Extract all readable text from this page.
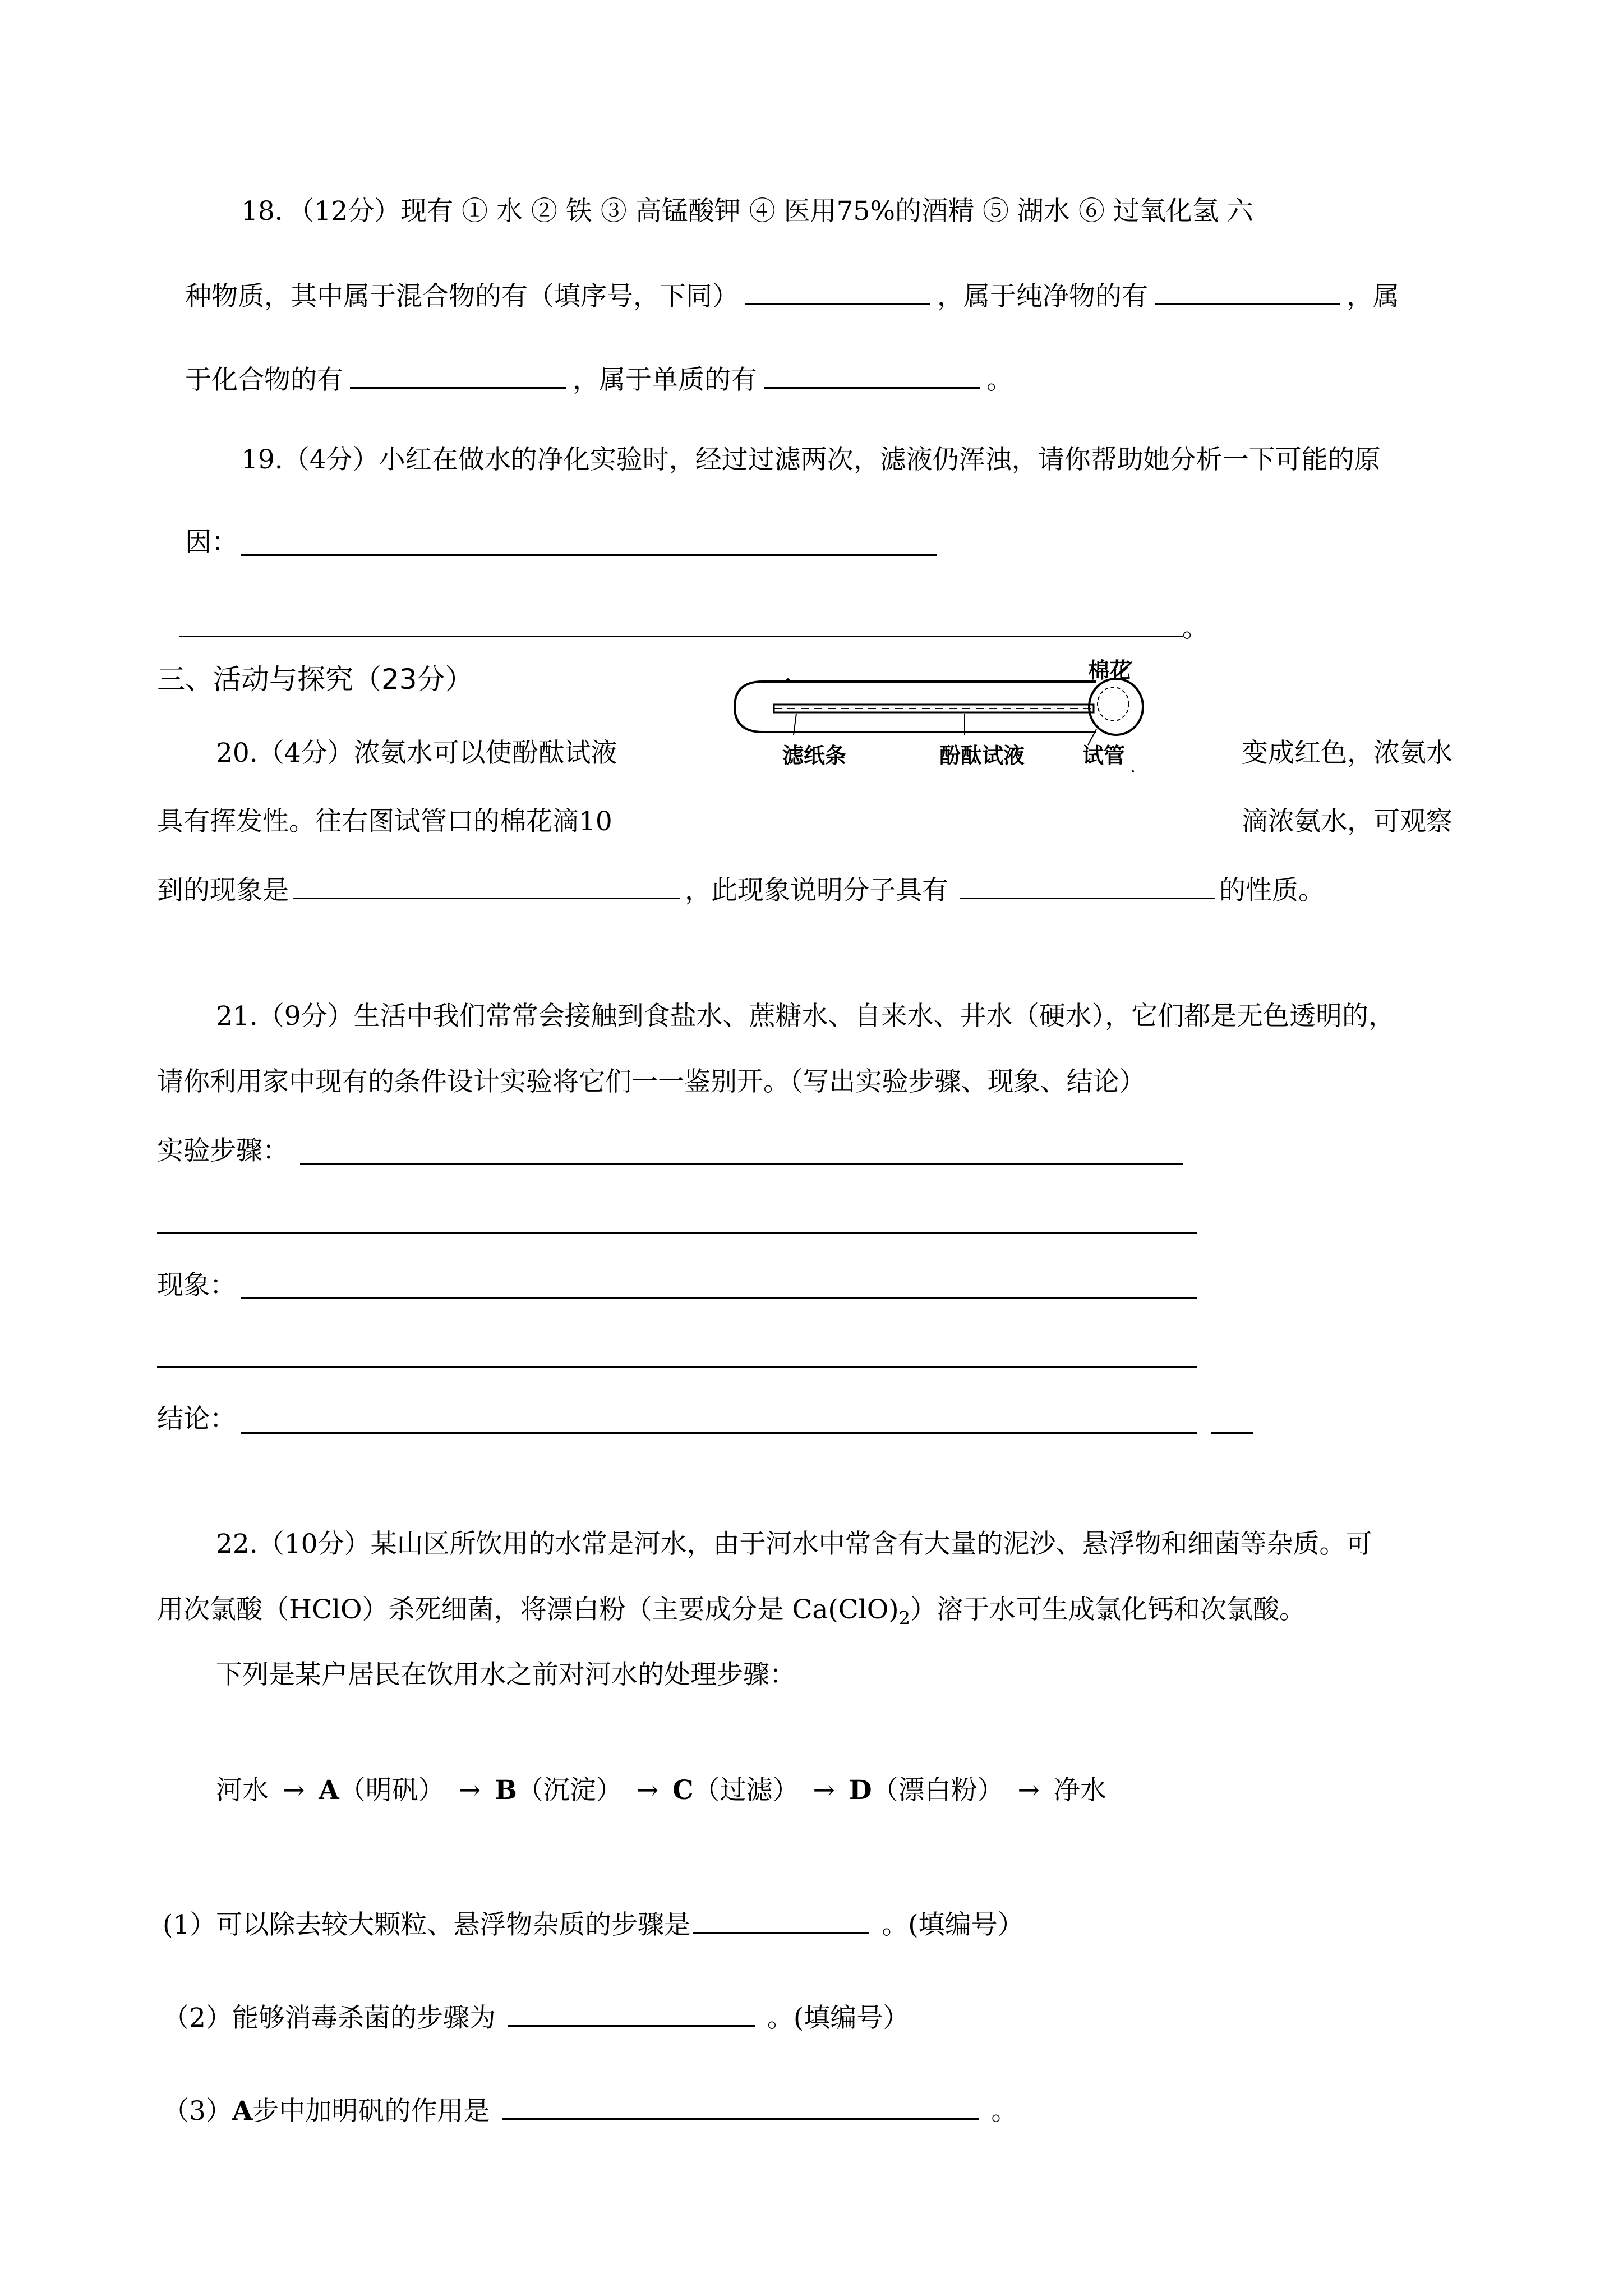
18．（12分）现有 ① 水 ② 铁 ③ 高锰酸钾 ④ 医用75%的酒精 ⑤ 湖水 ⑥ 过氧化氢 六
种物质，其中属于混合物的有（填序号，下同）	，属于纯净物的有	，属
于化合物的有	，属于单质的有	。
19.（4分）小红在做水的净化实验时，经过过滤两次，滤液仍浑浊，请你帮助她分析一下可能的原
因：
。
三、活动与探究（23分）
20.（4分）浓氨水可以使酚酞试液	变成红色，浓氨水
具有挥发性。往右图试管口的棉花滴10	滴浓氨水，可观察
到的现象是	，此现象说明分子具有	的性质。
棉花
滤纸条	酚酞试液	试管
21.（9分）生活中我们常常会接触到食盐水、蔗糖水、自来水、井水（硬水），它们都是无色透明的，
请你利用家中现有的条件设计实验将它们一一鉴别开。（写出实验步骤、现象、结论）
实验步骤：
现象：
结论：
22.（10分）某山区所饮用的水常是河水，由于河水中常含有大量的泥沙、悬浮物和细菌等杂质。可
用次氯酸（HClO）杀死细菌，将漂白粉（主要成分是 $Ca(ClO)_2$）溶于水可生成氯化钙和次氯酸。
下列是某户居民在饮用水之前对河水的处理步骤：
河水 → A（明矾） → B（沉淀） → C（过滤） → D（漂白粉） → 净水
(1）可以除去较大颗粒、悬浮物杂质的步骤是	。(填编号）
（2）能够消毒杀菌的步骤为	。(填编号）
（3）A步中加明矾的作用是	。
